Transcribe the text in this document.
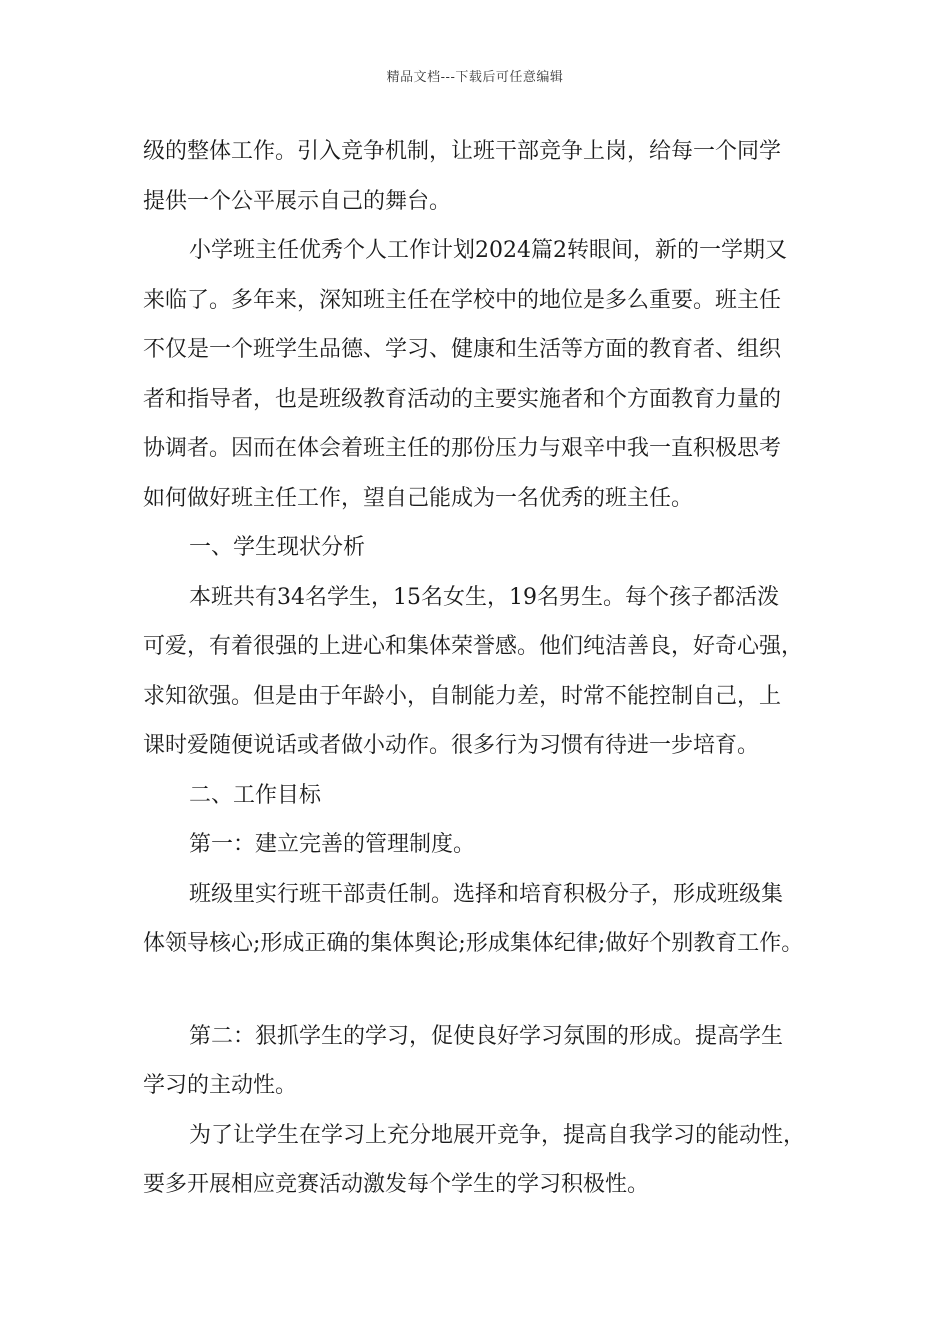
精品文档---下载后可任意编辑
级的整体工作。引入竞争机制，让班干部竞争上岗，给每一个同学
提供一个公平展示自己的舞台。
小学班主任优秀个人工作计划2024篇2转眼间，新的一学期又
来临了。多年来，深知班主任在学校中的地位是多么重要。班主任
不仅是一个班学生品德、学习、健康和生活等方面的教育者、组织
者和指导者，也是班级教育活动的主要实施者和个方面教育力量的
协调者。因而在体会着班主任的那份压力与艰辛中我一直积极思考
如何做好班主任工作，望自己能成为一名优秀的班主任。
一、学生现状分析
本班共有34名学生，15名女生，19名男生。每个孩子都活泼
可爱，有着很强的上进心和集体荣誉感。他们纯洁善良，好奇心强，
求知欲强。但是由于年龄小，自制能力差，时常不能控制自己，上
课时爱随便说话或者做小动作。很多行为习惯有待进一步培育。
二、工作目标
第一：建立完善的管理制度。
班级里实行班干部责任制。选择和培育积极分子，形成班级集
体领导核心;形成正确的集体舆论;形成集体纪律;做好个别教育工作。
第二：狠抓学生的学习，促使良好学习氛围的形成。提高学生
学习的主动性。
为了让学生在学习上充分地展开竞争，提高自我学习的能动性，
要多开展相应竞赛活动激发每个学生的学习积极性。
